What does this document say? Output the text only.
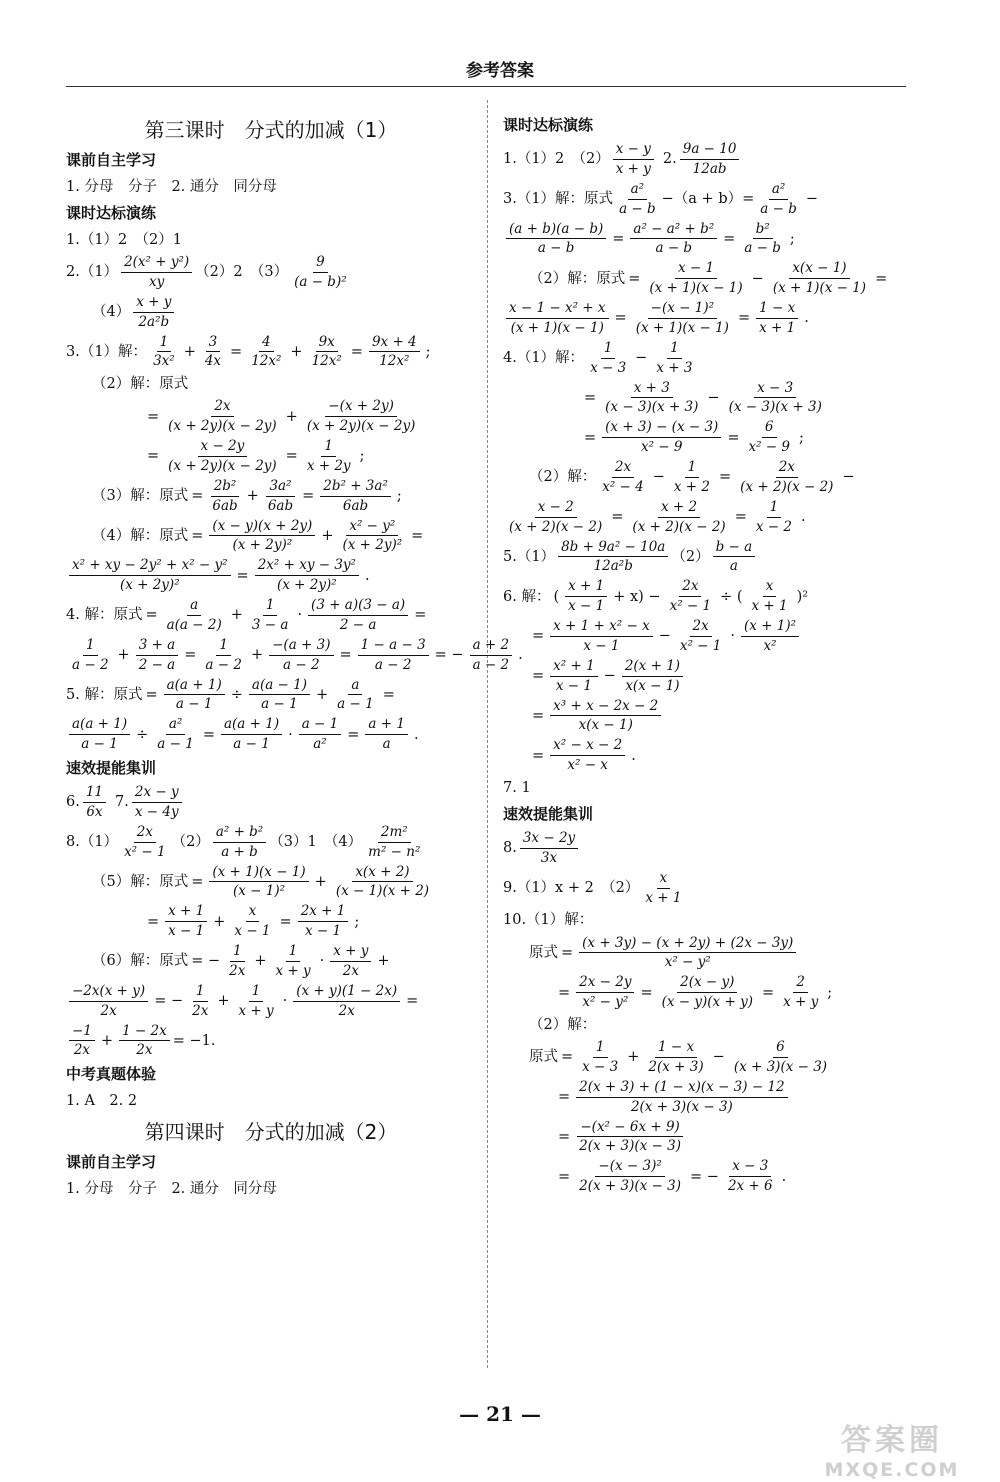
参考答案
第三课时　分式的加减（1）
课前自主学习
1. 分母　分子　2. 通分　同分母
课时达标演练
1.（1）2　（2）1
$2.(1) \frac{\text{2(x² + y²)}}{xy} (2)2$　$(3) \frac{9}{\text{(a − b)²}}$
$(4) \frac{x + y}{\text{2a²b}}$
3.（1）解： $\frac{1}{\text{3x²}} + \frac{3}{4x} = \frac{4}{\text{12x²}} + \frac{9x}{\text{12x²}} = \frac{9x + 4}{\text{12x²}}$ ;
（2）解：原式
= $\frac{2x}{(x + 2y)(x - 2y)} + \frac{-(x + 2y)}{(x + 2y)(x - 2y)}$
= $\frac{x - 2y}{(x + 2y)(x - 2y)} = \frac{1}{x + 2y}$ ;
（3）解：原式 = $\frac{\text{2b²}}{6ab} + \frac{\text{3a²}}{6ab} = \frac{\text{2b² + 3a²}}{6ab}$ ;
（4）解：原式 = $\frac{(x - y)(x + 2y)}{\text{(x + 2y)²}} + \frac{\text{x² − y²}}{\text{(x + 2y)²}}$ =
$\frac{\text{x² + xy − 2y² + x² − y²}}{\text{(x + 2y)²}} = \frac{\text{2x² + xy − 3y²}}{\text{(x + 2y)²}}$ .
4. 解：原式 = $\frac{a}{a(a - 2)} + \frac{1}{3 - a} \cdot \frac{(3 + a)(3 - a)}{2 - a}$ =
$\frac{1}{a - 2} + \frac{3 + a}{2 - a} = \frac{1}{a - 2} + \frac{-(a + 3)}{a - 2} = \frac{1 - a - 3}{a - 2}$ = − $\frac{a + 2}{a - 2}$ .
5. 解：原式 = $\frac{a(a + 1)}{a - 1} \div \frac{a(a - 1)}{a - 1} + \frac{a}{a - 1}$ =
$\frac{a(a + 1)}{a - 1} \div \frac{\text{a²}}{a - 1} = \frac{a(a + 1)}{a - 1} \cdot \frac{a - 1}{\text{a²}} = \frac{a + 1}{a}$ .
速效提能集训
6. $\frac{11}{6x} 7$. $\frac{2x - y}{x - 4y}$
$8.(1) \frac{2x}{\text{x² − 1}} (2) \frac{\text{a² + b²}}{a + b} (3)1$　$(4) \frac{\text{2m²}}{\text{m² − n²}}$
（5）解：原式 = $\frac{(x + 1)(x - 1)}{\text{(x − 1)²}} + \frac{x(x + 2)}{(x - 1)(x + 2)}$
= $\frac{x + 1}{x - 1} + \frac{x}{x - 1} = \frac{2x + 1}{x - 1}$ ;
（6）解：原式 = − $\frac{1}{2x} + \frac{1}{x + y} \cdot \frac{x + y}{2x}$ +
$\frac{-2x(x + y)}{2x}$ = − $\frac{1}{2x} + \frac{1}{x + y} \cdot \frac{(x + y)(1 - 2x)}{2x}$ =
$\frac{-1}{2x} + \frac{1 - 2x}{2x} = -1$.
中考真题体验
1. A　2. 2
第四课时　分式的加减（2）
课前自主学习
1. 分母　分子　2. 通分　同分母
课时达标演练
1.（1）2　$(2) \frac{x - y}{x + y} 2$. $\frac{9a - 10}{12ab}$
3.（1）解：原式 $\frac{\text{a²}}{a - b} -(a + b)= \frac{\text{a²}}{a - b}$ −
$\frac{(a + b)(a - b)}{a - b} = \frac{\text{a² − a² + b²}}{a - b} = \frac{\text{b²}}{a - b}$ ;
（2）解：原式 = $\frac{x - 1}{(x + 1)(x - 1)} - \frac{x(x - 1)}{(x + 1)(x - 1)}$ =
$\frac{\text{x − 1 − x² + x}}{(x + 1)(x - 1)} = \frac{\text{−(x − 1)²}}{(x + 1)(x - 1)} = \frac{1 - x}{x + 1}$ .
4.（1）解： $\frac{1}{x - 3} - \frac{1}{x + 3}$
= $\frac{x + 3}{(x - 3)(x + 3)} - \frac{x - 3}{(x - 3)(x + 3)}$
= $\frac{(x + 3) - (x - 3)}{\text{x² − 9}} = \frac{6}{\text{x² − 9}}$ ;
（2）解： $\frac{2x}{\text{x² − 4}} - \frac{1}{x + 2} = \frac{2x}{(x + 2)(x - 2)}$ −
$\frac{x - 2}{(x + 2)(x - 2)} = \frac{x + 2}{(x + 2)(x - 2)} = \frac{1}{x - 2}$ .
$5.(1) \frac{\text{8b + 9a² − 10a}}{\text{12a²b}} (2) \frac{b - a}{a}$
6. 解： ( $\frac{x + 1}{x - 1} + x) - \frac{2x}{\text{x² − 1}}$ ÷ ( $\frac{x}{x + 1} )^2$
= $\frac{\text{x + 1 + x² − x}}{x - 1} - \frac{2x}{\text{x² − 1}} \cdot \frac{\text{(x + 1)²}}{\text{x²}}$
= $\frac{\text{x² + 1}}{x - 1} - \frac{2(x + 1)}{x(x - 1)}$
= $\frac{\text{x³ + x − 2x − 2}}{x(x - 1)}$
= $\frac{\text{x² − x − 2}}{\text{x² − x}}$ .
7. 1
速效提能集训
8. $\frac{3x - 2y}{3x}$
9.（1）x + 2　$(2) \frac{x}{x + 1}$
10.（1）解：
原式 = $\frac{(x + 3y) - (x + 2y) + (2x - 3y)}{\text{x² − y²}}$
= $\frac{2x - 2y}{\text{x² − y²}} = \frac{2(x - y)}{(x - y)(x + y)} = \frac{2}{x + y}$ ;
（2）解：
原式 = $\frac{1}{x - 3} + \frac{1 - x}{2(x + 3)} - \frac{6}{(x + 3)(x - 3)}$
= $\frac{2(x + 3) + (1 - x)(x - 3) - 12}{2(x + 3)(x - 3)}$
= $\frac{\text{−(x² − 6x + 9)}}{2(x + 3)(x - 3)}$
= $\frac{\text{−(x − 3)²}}{2(x + 3)(x - 3)}$ = − $\frac{x - 3}{2x + 6}$ .
— 21 —
答案圈
MXQE.COM
